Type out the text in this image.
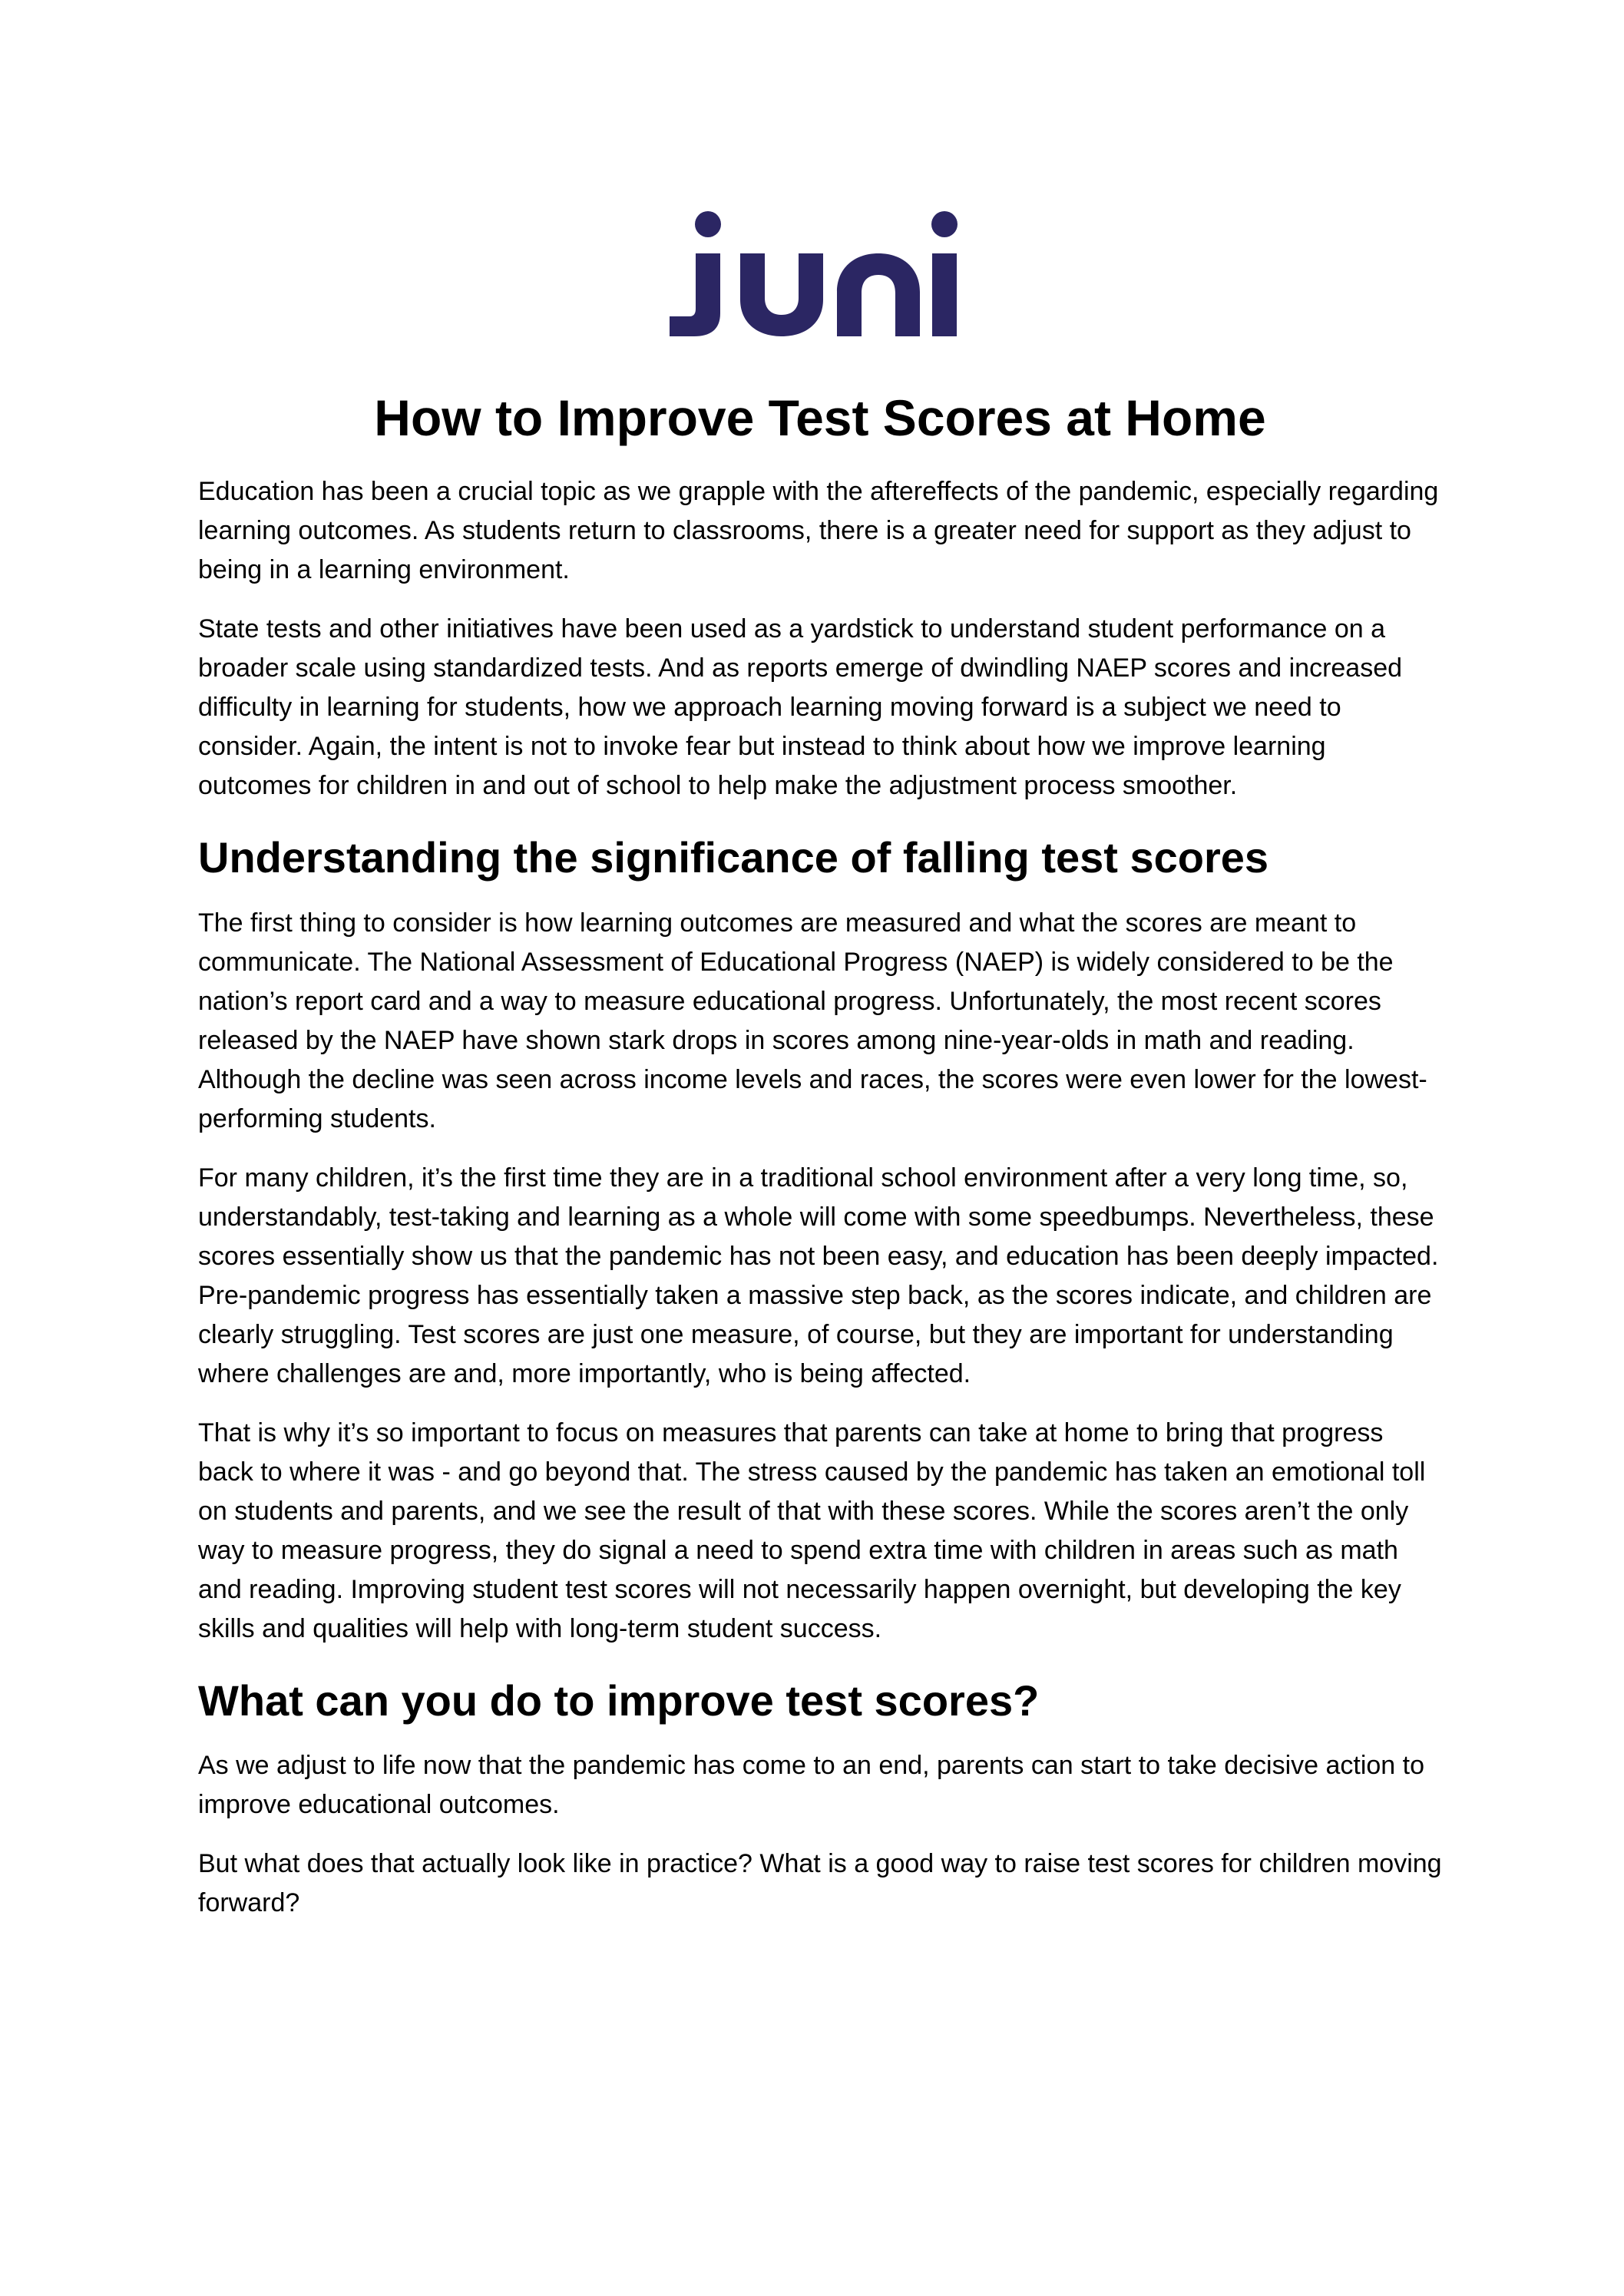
How to Improve Test Scores at Home

Education has been a crucial topic as we grapple with the aftereffects of the pandemic, especially regarding learning outcomes. As students return to classrooms, there is a greater need for support as they adjust to being in a learning environment.

State tests and other initiatives have been used as a yardstick to understand student performance on a broader scale using standardized tests. And as reports emerge of dwindling NAEP scores and increased difficulty in learning for students, how we approach learning moving forward is a subject we need to consider. Again, the intent is not to invoke fear but instead to think about how we improve learning outcomes for children in and out of school to help make the adjustment process smoother.

Understanding the significance of falling test scores

The first thing to consider is how learning outcomes are measured and what the scores are meant to communicate. The National Assessment of Educational Progress (NAEP) is widely considered to be the nation’s report card and a way to measure educational progress. Unfortunately, the most recent scores released by the NAEP have shown stark drops in scores among nine-year-olds in math and reading. Although the decline was seen across income levels and races, the scores were even lower for the lowest-performing students.

For many children, it’s the first time they are in a traditional school environment after a very long time, so, understandably, test-taking and learning as a whole will come with some speedbumps. Nevertheless, these scores essentially show us that the pandemic has not been easy, and education has been deeply impacted. Pre-pandemic progress has essentially taken a massive step back, as the scores indicate, and children are clearly struggling. Test scores are just one measure, of course, but they are important for understanding where challenges are and, more importantly, who is being affected.

That is why it’s so important to focus on measures that parents can take at home to bring that progress back to where it was - and go beyond that. The stress caused by the pandemic has taken an emotional toll on students and parents, and we see the result of that with these scores. While the scores aren’t the only way to measure progress, they do signal a need to spend extra time with children in areas such as math and reading. Improving student test scores will not necessarily happen overnight, but developing the key skills and qualities will help with long-term student success.

What can you do to improve test scores?

As we adjust to life now that the pandemic has come to an end, parents can start to take decisive action to improve educational outcomes.

But what does that actually look like in practice? What is a good way to raise test scores for children moving forward?
